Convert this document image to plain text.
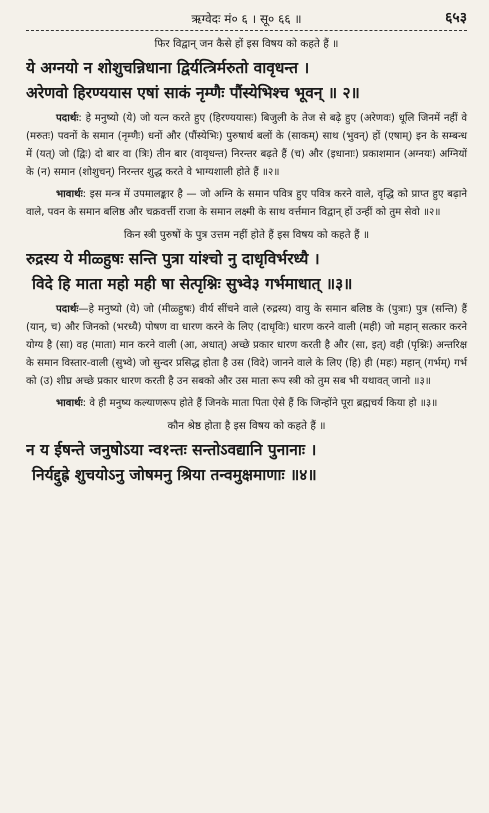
ऋग्वेदः मं० ६ । सू० ६६ ॥	६५३
फिर विद्वान् जन कैसे हों इस विषय को कहते हैं ॥
ये अग्नयो न शोशुचन्निधाना द्विर्यत्त्रिर्मरुतो वावृधन्त ।
अरेणवो हिरण्ययास एषां साकं नृम्णैः पौंस्येभिश्च भूवन् ॥ २॥
पदार्थः: हे मनुष्यो (ये) जो यत्न करते हुए (हिरण्ययासः) बिजुली के तेज से बढ़े हुए (अरेणवः) धूलि जिनमें नहीं वे (मरुतः) पवनों के समान (नृम्णैः) धनों और (पौंस्येभिः) पुरुषार्थ बलों के (साकम्) साथ (भुवन्) हों (एषाम्) इन के सम्बन्ध में (यत्) जो (द्विः) दो बार वा (त्रिः) तीन बार (वावृधन्त) निरन्तर बढ़ते हैं (च) और (इधानाः) प्रकाशमान (अग्नयः) अग्नियों के (न) समान (शोशुचन्) निरन्तर शुद्ध करते वे भाग्यशाली होते हैं ॥२॥
भावार्थः: इस मन्त्र में उपमालङ्कार है — जो अग्नि के समान पवित्र हुए पवित्र करने वाले, वृद्धि को प्राप्त हुए बढ़ाने वाले, पवन के समान बलिष्ठ और चक्रवर्त्ती राजा के समान लक्ष्मी के साथ वर्त्तमान विद्वान् हों उन्हीं को तुम सेवो ॥२॥
किन स्त्री पुरुषों के पुत्र उत्तम नहीं होते हैं इस विषय को कहते हैं ॥
रुद्रस्य ये मीळ्हुषः सन्ति पुत्रा यांश्चो नु दाधृविर्भरध्यै ।
विदे हि माता महो मही षा सेत्पृश्निः सुभ्वे३ गर्भमाधात् ॥३॥
पदार्थः—हे मनुष्यो (ये) जो (मीळ्हुषः) वीर्य सींचने वाले (रुद्रस्य) वायु के समान बलिष्ठ के (पुत्राः) पुत्र (सन्ति) हैं (यान्, च) और जिनको (भरध्यै) पोषण वा धारण करने के लिए (दाधृविः) धारण करने वाली (मही) जो महान् सत्कार करने योग्य है (सा) वह (माता) मान करने वाली (आ, अधात्) अच्छे प्रकार धारण करती है और (सा, इत्) वही (पृश्निः) अन्तरिक्ष के समान विस्तार-वाली (सुभ्वे) जो सुन्दर प्रसिद्ध होता है उस (विदे) जानने वाले के लिए (हि) ही (महः) महान् (गर्भम्) गर्भ को (उ) शीघ्र अच्छे प्रकार धारण करती है उन सबको और उस माता रूप स्त्री को तुम सब भी यथावत् जानो ॥३॥
भावार्थः: वे ही मनुष्य कल्याणरूप होते हैं जिनके माता पिता ऐसे हैं कि जिन्होंने पूरा ब्रह्मचर्य किया हो ॥३॥
कौन श्रेष्ठ होता है इस विषय को कहते हैं ॥
न य ईषन्ते जनुषोऽया न्व१न्तः सन्तोऽवद्यानि पुनानाः ।
निर्यद्दुह्रे शुचयोऽनु जोषमनु श्रिया तन्वमुक्षमाणाः ॥४॥
